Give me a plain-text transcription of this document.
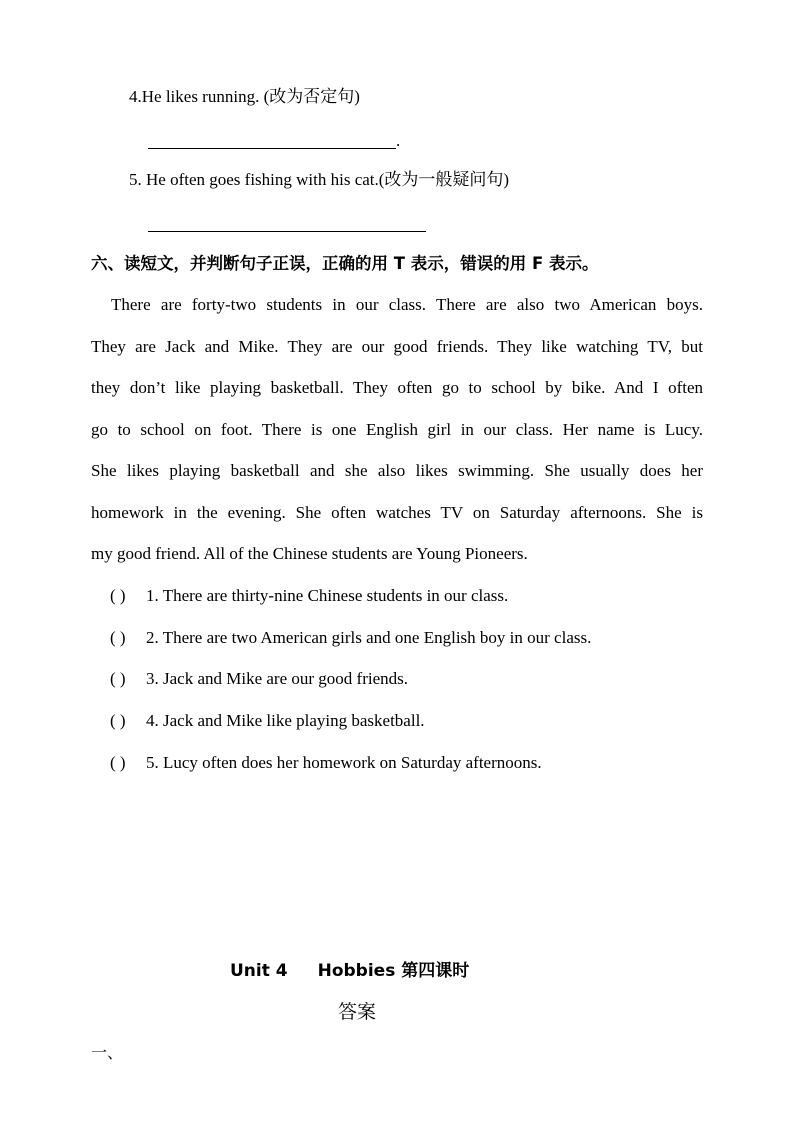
4.He likes running. (改为否定句)
.
5. He often goes fishing with his cat.(改为一般疑问句)
六、读短文，并判断句子正误，正确的用 T 表示，错误的用 F 表示。
There are forty-two students in our class. There are also two American boys.
They are Jack and Mike. They are our good friends. They like watching TV, but
they don’t like playing basketball. They often go to school by bike. And I often
go to school on foot. There is one English girl in our class. Her name is Lucy.
She likes playing basketball and she also likes swimming. She usually does her
homework in the evening. She often watches TV on Saturday afternoons. She is
my good friend. All of the Chinese students are Young Pioneers.
( ) 1. There are thirty-nine Chinese students in our class.
( ) 2. There are two American girls and one English boy in our class.
( ) 3. Jack and Mike are our good friends.
( ) 4. Jack and Mike like playing basketball.
( ) 5. Lucy often does her homework on Saturday afternoons.
Unit 4 Hobbies 第四课时
答案
一、
